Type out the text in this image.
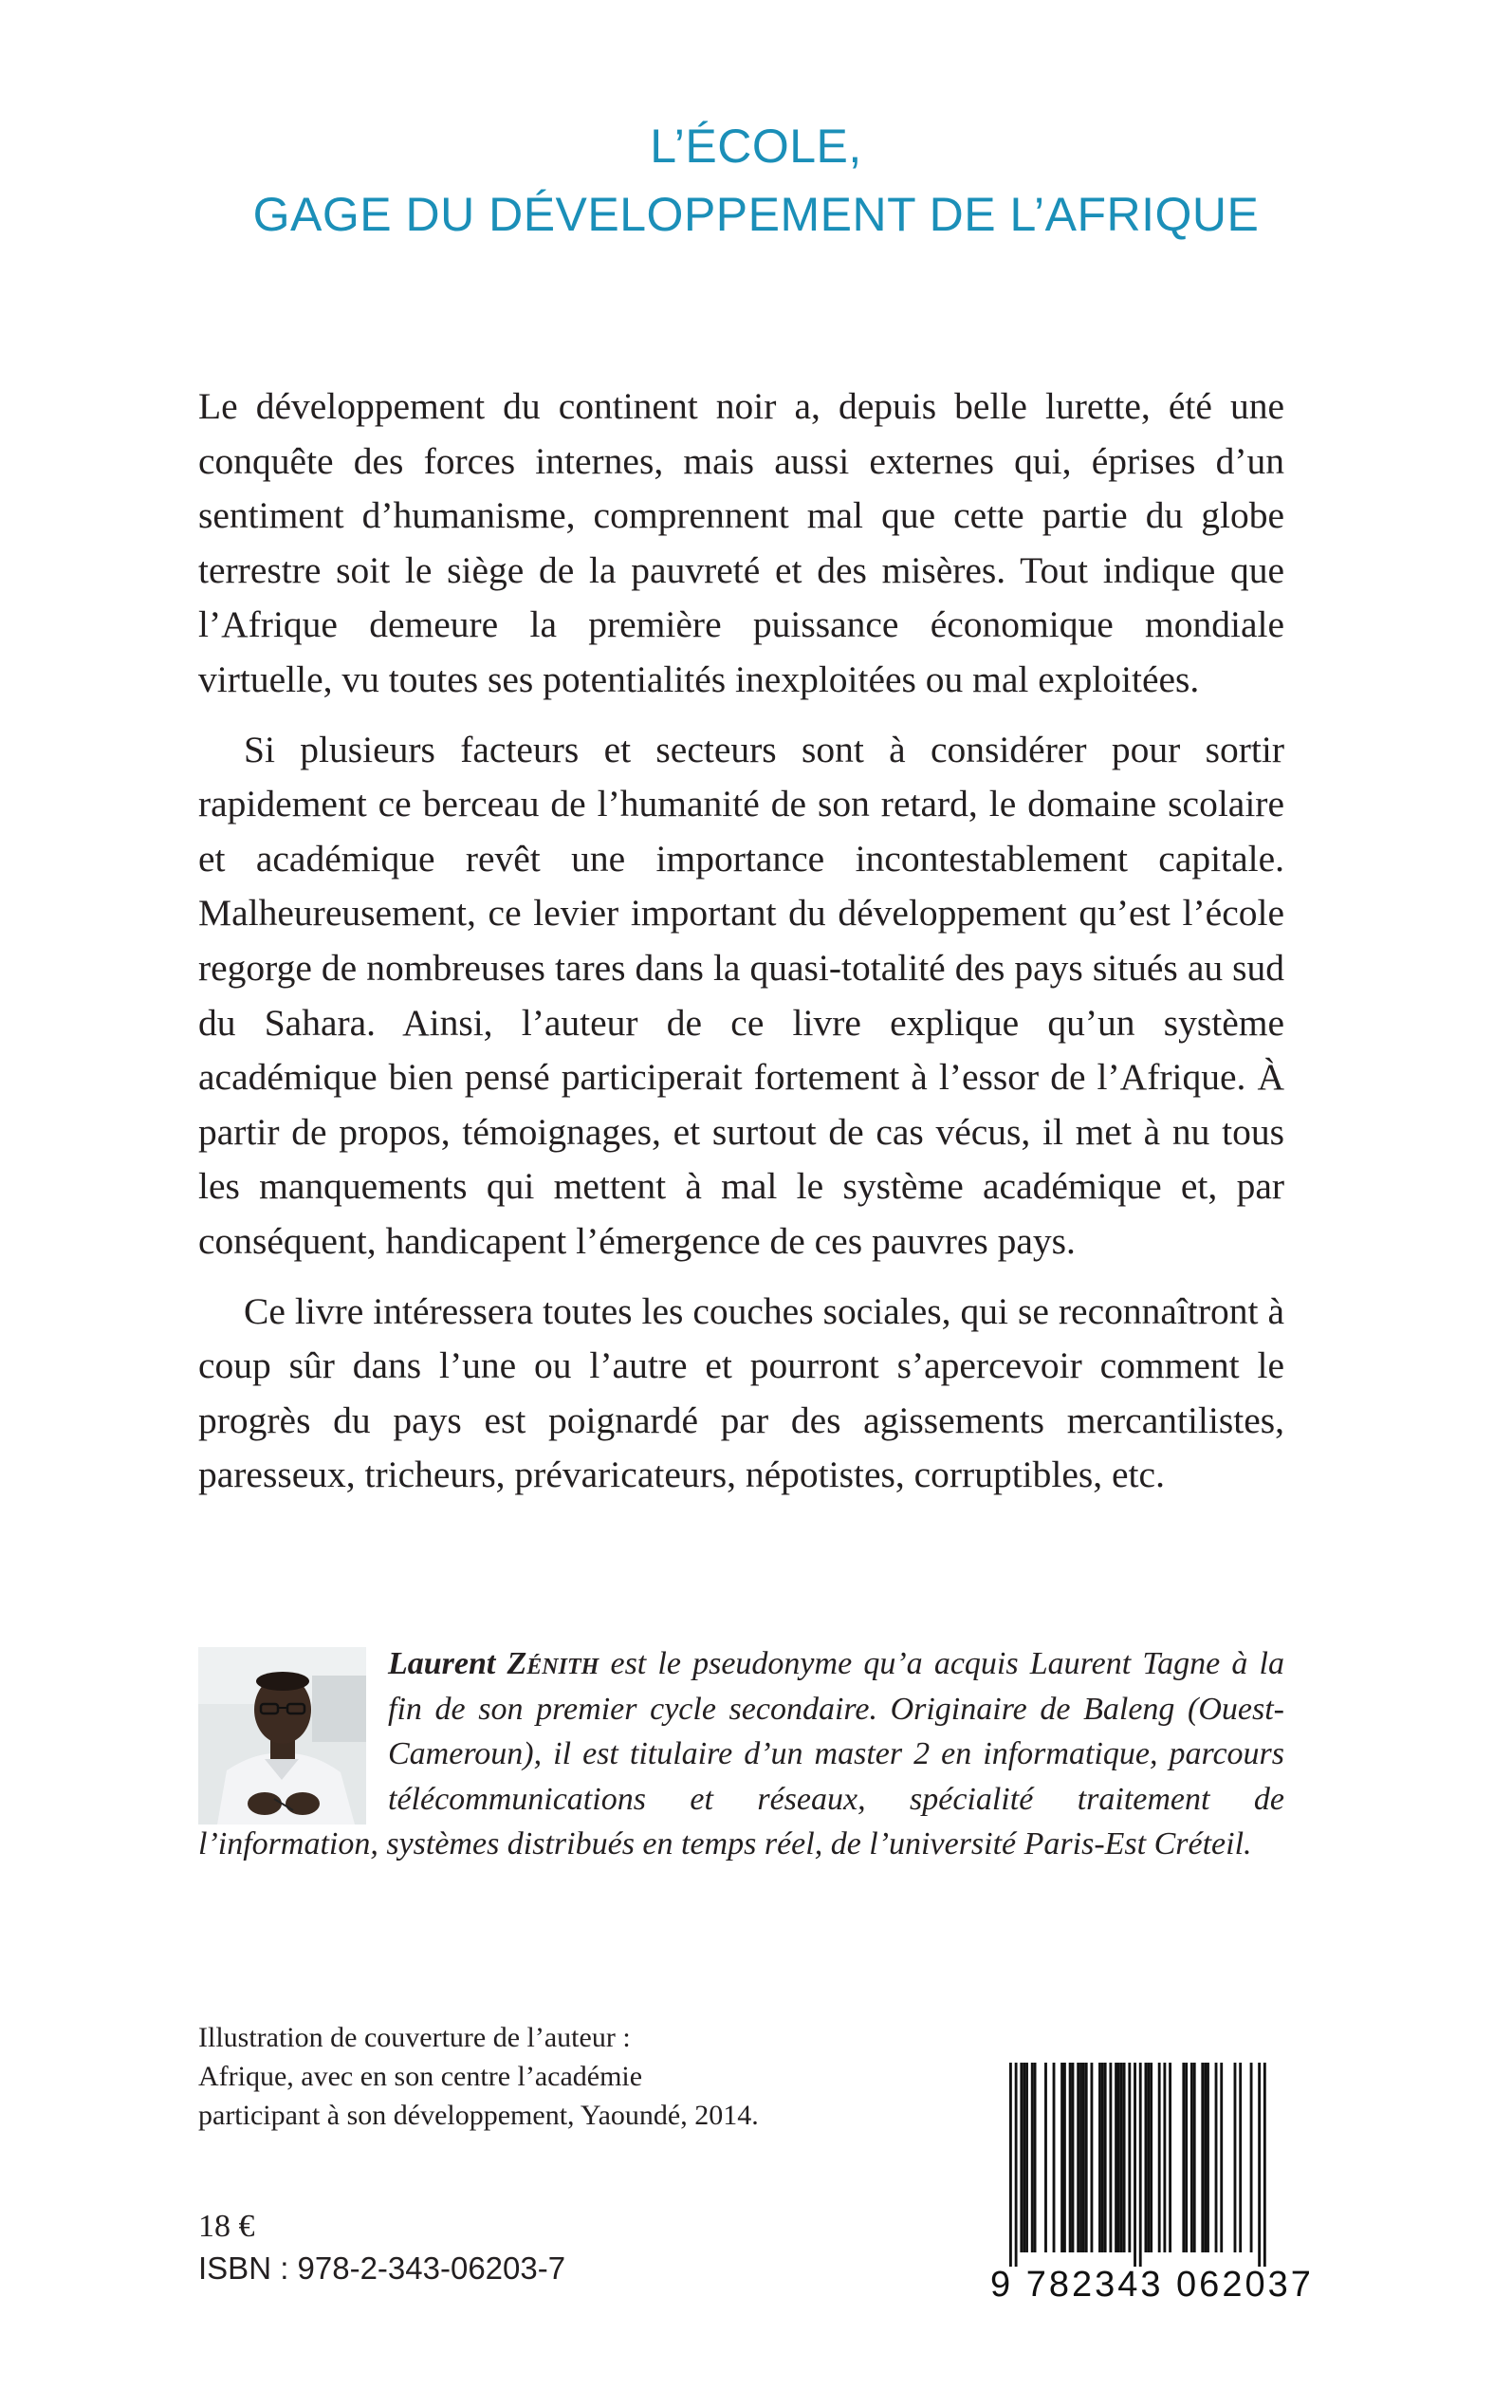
L’ÉCOLE,
GAGE DU DÉVELOPPEMENT DE L’AFRIQUE

Le développement du continent noir a, depuis belle lurette, été une conquête des forces internes, mais aussi externes qui, éprises d’un sentiment d’humanisme, comprennent mal que cette partie du globe terrestre soit le siège de la pauvreté et des misères. Tout indique que l’Afrique demeure la première puissance économique mondiale virtuelle, vu toutes ses potentialités inexploitées ou mal exploitées.

Si plusieurs facteurs et secteurs sont à considérer pour sortir rapidement ce berceau de l’humanité de son retard, le domaine scolaire et académique revêt une importance incontestablement capitale. Malheureusement, ce levier important du développement qu’est l’école regorge de nombreuses tares dans la quasi-totalité des pays situés au sud du Sahara. Ainsi, l’auteur de ce livre explique qu’un système académique bien pensé participerait fortement à l’essor de l’Afrique. À partir de propos, témoignages, et surtout de cas vécus, il met à nu tous les manquements qui mettent à mal le système académique et, par conséquent, handicapent l’émergence de ces pauvres pays.

Ce livre intéressera toutes les couches sociales, qui se reconnaîtront à coup sûr dans l’une ou l’autre et pourront s’apercevoir comment le progrès du pays est poignardé par des agissements mercantilistes, paresseux, tricheurs, prévaricateurs, népotistes, corruptibles, etc.

Laurent Zénith est le pseudonyme qu’a acquis Laurent Tagne à la fin de son premier cycle secondaire. Originaire de Baleng (Ouest-Cameroun), il est titulaire d’un master 2 en informatique, parcours télécommunications et réseaux, spécialité traitement de l’information, systèmes distribués en temps réel, de l’université Paris-Est Créteil.
Illustration de couverture de l’auteur :
Afrique, avec en son centre l’académie
participant à son développement, Yaoundé, 2014.
18 €
ISBN : 978-2-343-06203-7	9 782343 062037
